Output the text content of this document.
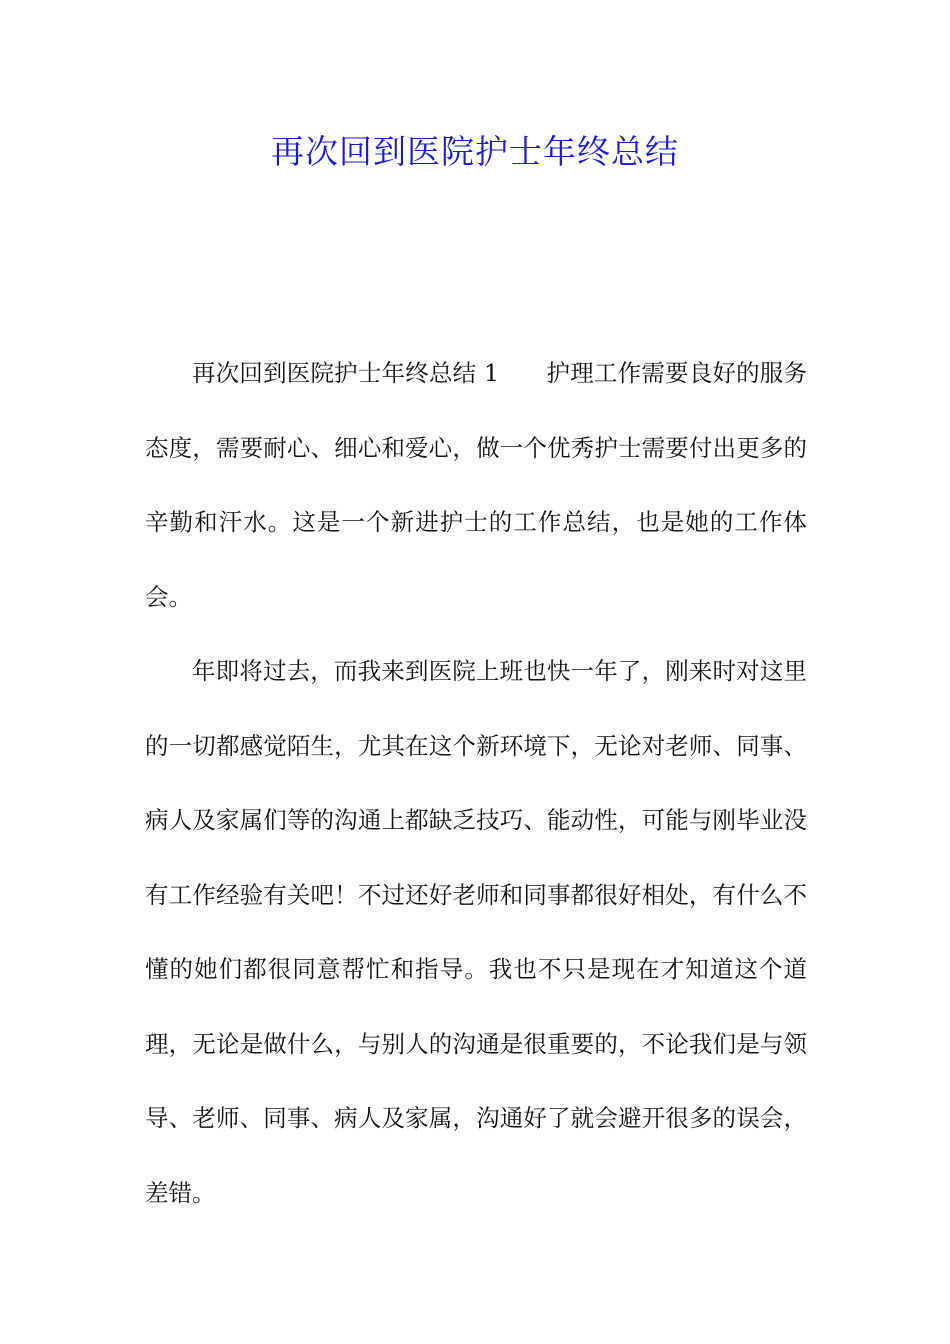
再次回到医院护士年终总结

再次回到医院护士年终总结 1　　护理工作需要良好的服务态度，需要耐心、细心和爱心，做一个优秀护士需要付出更多的辛勤和汗水。这是一个新进护士的工作总结，也是她的工作体会。

年即将过去，而我来到医院上班也快一年了，刚来时对这里的一切都感觉陌生，尤其在这个新环境下，无论对老师、同事、病人及家属们等的沟通上都缺乏技巧、能动性，可能与刚毕业没有工作经验有关吧！不过还好老师和同事都很好相处，有什么不懂的她们都很同意帮忙和指导。我也不只是现在才知道这个道理，无论是做什么，与别人的沟通是很重要的，不论我们是与领导、老师、同事、病人及家属，沟通好了就会避开很多的误会，差错。
